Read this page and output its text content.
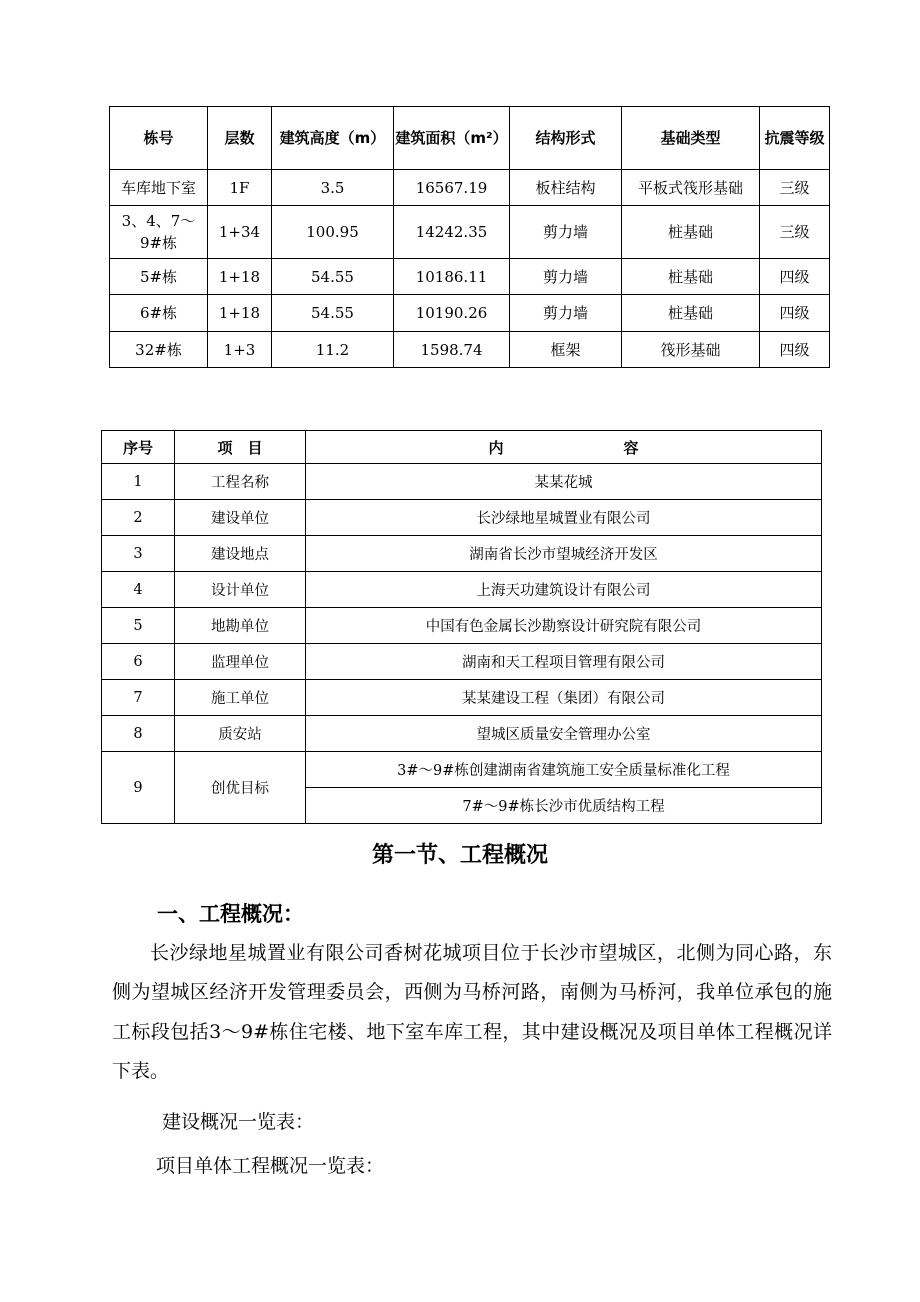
栋号	层数	建筑高度（m）	建筑面积（m²）	结构形式	基础类型	抗震等级
车库地下室	1F	3.5	16567.19	板柱结构	平板式筏形基础	三级
3、4、7～9#栋	1+34	100.95	14242.35	剪力墙	桩基础	三级
5#栋	1+18	54.55	10186.11	剪力墙	桩基础	四级
6#栋	1+18	54.55	10190.26	剪力墙	桩基础	四级
32#栋	1+3	11.2	1598.74	框架	筏形基础	四级
序号	项　目	内　　　　　　　　容
1	工程名称	某某花城
2	建设单位	长沙绿地星城置业有限公司
3	建设地点	湖南省长沙市望城经济开发区
4	设计单位	上海天功建筑设计有限公司
5	地勘单位	中国有色金属长沙勘察设计研究院有限公司
6	监理单位	湖南和天工程项目管理有限公司
7	施工单位	某某建设工程（集团）有限公司
8	质安站	望城区质量安全管理办公室
9	创优目标	3#～9#栋创建湖南省建筑施工安全质量标准化工程
		7#～9#栋长沙市优质结构工程
第一节、工程概况
一、工程概况：

长沙绿地星城置业有限公司香树花城项目位于长沙市望城区，北侧为同心路，东侧为望城区经济开发管理委员会，西侧为马桥河路，南侧为马桥河，我单位承包的施工标段包括3～9#栋住宅楼、地下室车库工程，其中建设概况及项目单体工程概况详下表。

建设概况一览表：
项目单体工程概况一览表：
